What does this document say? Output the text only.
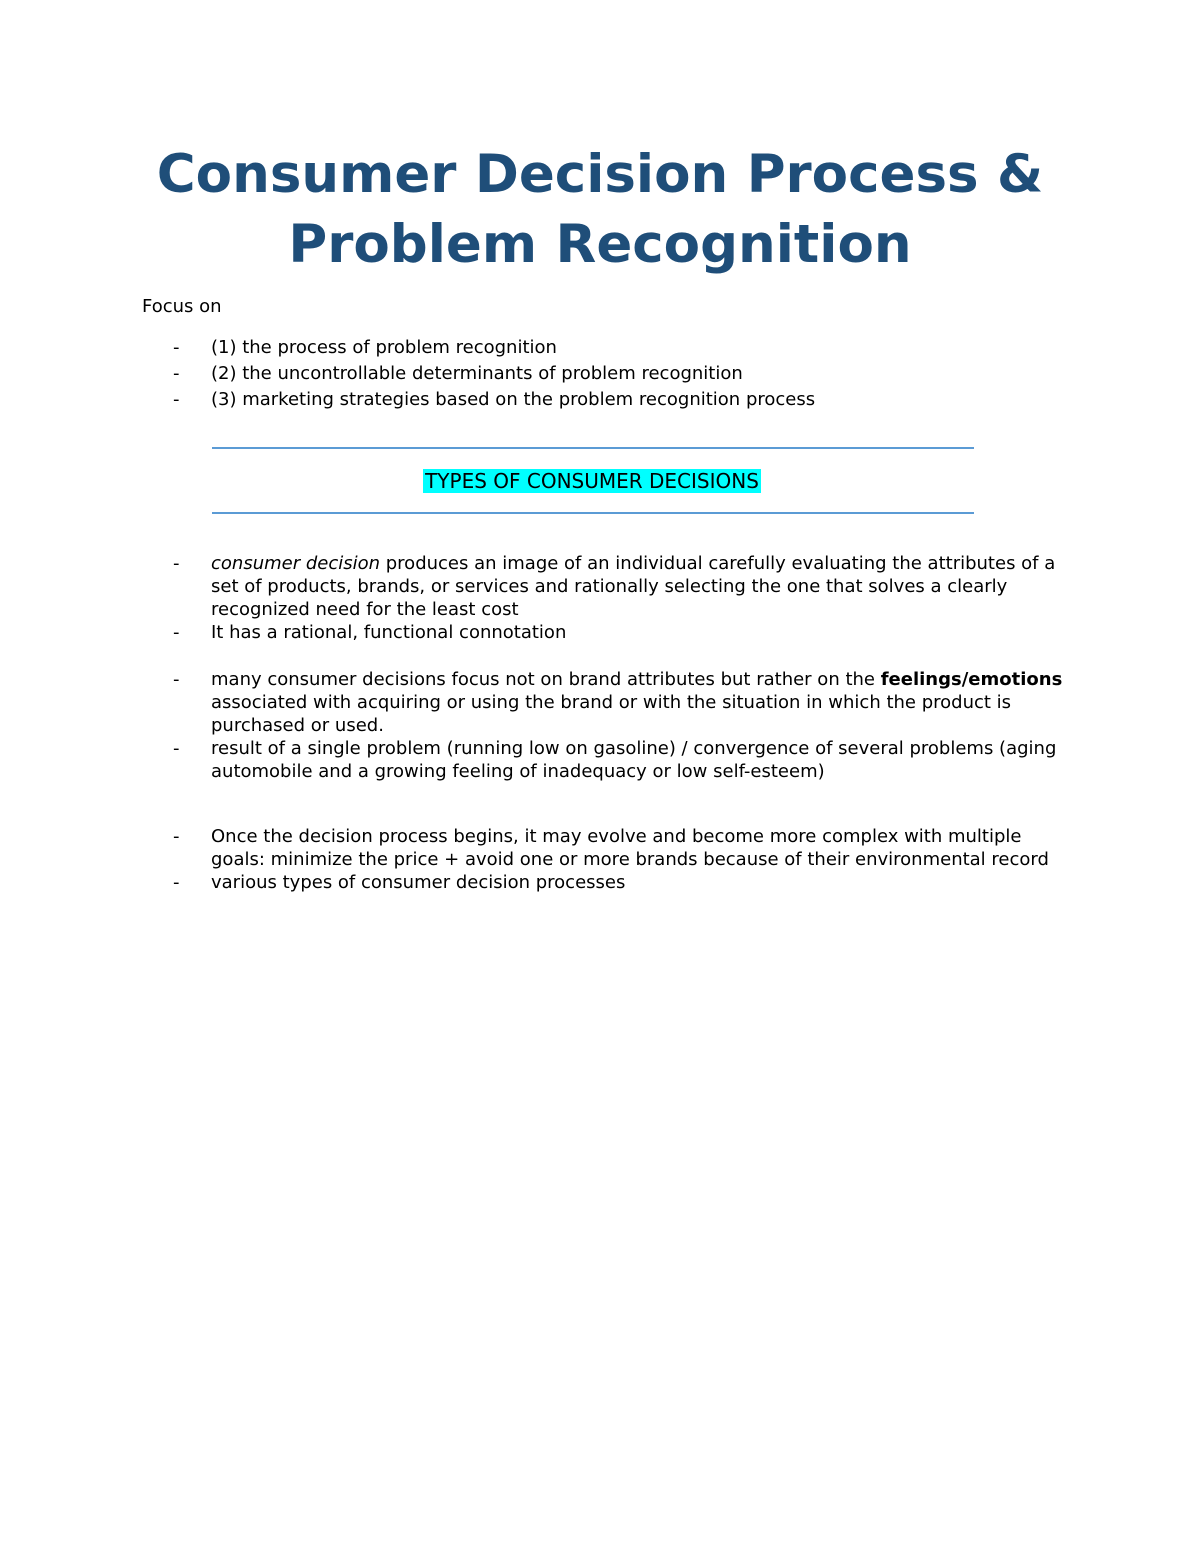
Consumer Decision Process &
Problem Recognition

Focus on

-	(1) the process of problem recognition
-	(2) the uncontrollable determinants of problem recognition
-	(3) marketing strategies based on the problem recognition process
TYPES OF CONSUMER DECISIONS
-	consumer decision produces an image of an individual carefully evaluating the attributes of a set of products, brands, or services and rationally selecting the one that solves a clearly recognized need for the least cost
-	It has a rational, functional connotation
-	many consumer decisions focus not on brand attributes but rather on the feelings/emotions associated with acquiring or using the brand or with the situation in which the product is purchased or used.
-	result of a single problem (running low on gasoline) / convergence of several problems (aging automobile and a growing feeling of inadequacy or low self-esteem)
-	Once the decision process begins, it may evolve and become more complex with multiple goals: minimize the price + avoid one or more brands because of their environmental record
-	various types of consumer decision processes
